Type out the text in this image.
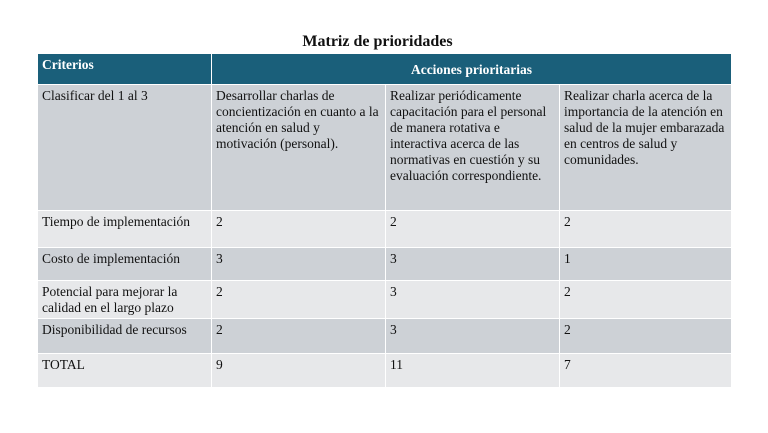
Matriz de prioridades
Criterios	Acciones prioritarias		
Clasificar del 1 al 3	Desarrollar charlas de concientización en cuanto a la atención en salud y motivación (personal).	Realizar periódicamente capacitación para el personal de manera rotativa e interactiva acerca de las normativas en cuestión y su evaluación correspondiente.	Realizar charla acerca de la importancia de la atención en salud de la mujer embarazada en centros de salud y comunidades.
Tiempo de implementación	2	2	2
Costo de implementación	3	3	1
Potencial para mejorar la calidad en el largo plazo	2	3	2
Disponibilidad de recursos	2	3	2
TOTAL	9	11	7
